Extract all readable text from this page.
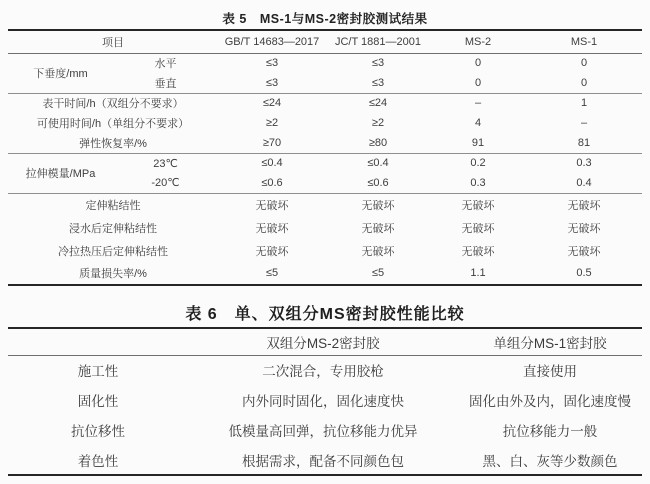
表 5　MS-1与MS-2密封胶测试结果
项目		GB/T 14683—2017	JC/T 1881—2001	MS-2	MS-1
下垂度/mm	水平	≤3	≤3	0	0
	垂直	≤3	≤3	0	0
表干时间/h（双组分不要求）		≤24	≤24	–	1
可使用时间/h（单组分不要求）		≥2	≥2	4	–
弹性恢复率/%		≥70	≥80	91	81
拉伸模量/MPa	23℃	≤0.4	≤0.4	0.2	0.3
	-20℃	≤0.6	≤0.6	0.3	0.4
定伸粘结性		无破坏	无破坏	无破坏	无破坏
浸水后定伸粘结性		无破坏	无破坏	无破坏	无破坏
冷拉热压后定伸粘结性		无破坏	无破坏	无破坏	无破坏
质量损失率/%		≤5	≤5	1.1	0.5
表 6　单、双组分MS密封胶性能比较
	双组分MS-2密封胶	单组分MS-1密封胶
施工性	二次混合，专用胶枪	直接使用
固化性	内外同时固化，固化速度快	固化由外及内，固化速度慢
抗位移性	低模量高回弹，抗位移能力优异	抗位移能力一般
着色性	根据需求，配备不同颜色包	黑、白、灰等少数颜色
